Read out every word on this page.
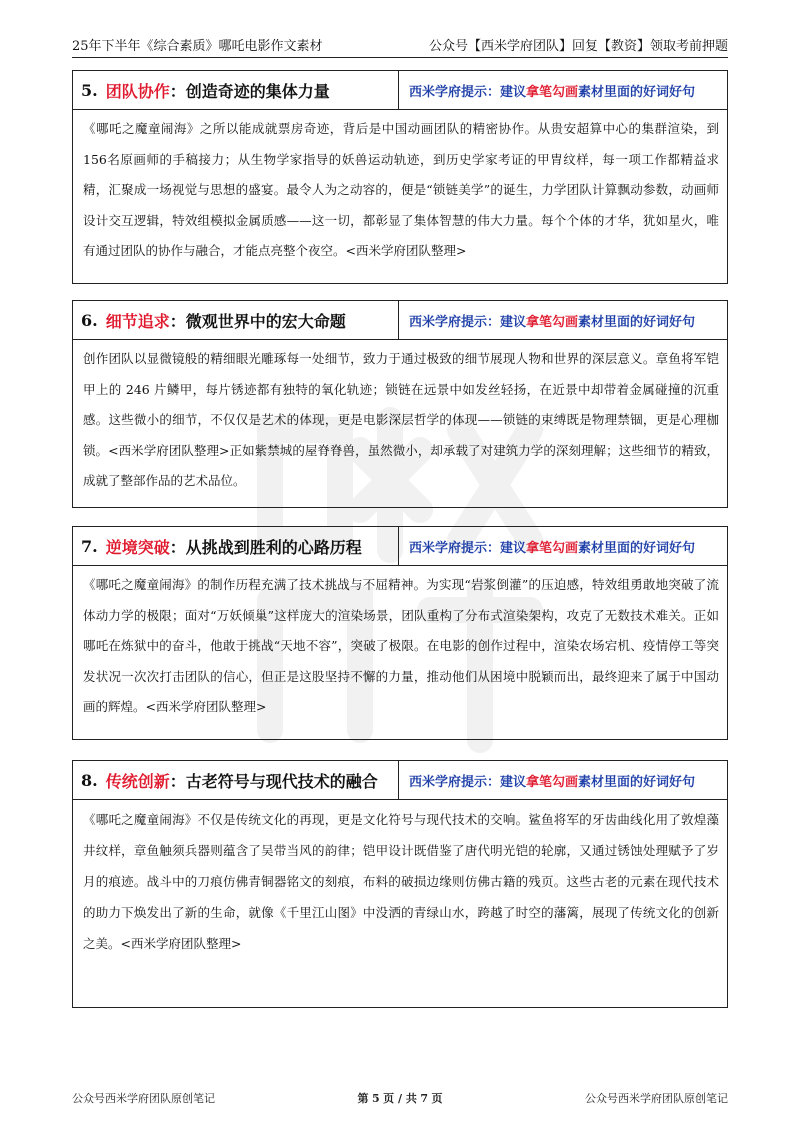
25年下半年《综合素质》哪吒电影作文素材	公众号【西米学府团队】回复【教资】领取考前押题
5. 团队协作 ：创造奇迹的集体力量	西米学府提示：建议 拿笔勾画 素材 里面的好词好句
《哪吒之魔童闹海》之所以能成就票房奇迹，背后是中国动画团队的精密协作。从贵安超算中心的集群渲染，到156名原画师的手稿接力；从生物学家指导的妖兽运动轨迹，到历史学家考证的甲胄纹样，每一项工作都精益求精，汇聚成一场视觉与思想的盛宴。最令人为之动容的，便是“锁链美学”的诞生，力学团队计算飘动参数，动画师设计交互逻辑，特效组模拟金属质感——这一切，都彰显了集体智慧的伟大力量。每个个体的才华，犹如星火，唯有通过团队的协作与融合，才能点亮整个夜空。<西米学府团队整理>
6. 细节追求 ：微观世界中的宏大命题	西米学府提示：建议 拿笔勾画 素材 里面的好词好句
创作团队以显微镜般的精细眼光雕琢每一处细节，致力于通过极致的细节展现人物和世界的深层意义。章鱼将军铠甲上的 246 片鳞甲，每片锈迹都有独特的氧化轨迹；锁链在远景中如发丝轻扬，在近景中却带着金属碰撞的沉重感。这些微小的细节，不仅仅是艺术的体现，更是电影深层哲学的体现——锁链的束缚既是物理禁锢，更是心理枷锁。<西米学府团队整理>正如紫禁城的屋脊脊兽，虽然微小，却承载了对建筑力学的深刻理解；这些细节的精致，成就了整部作品的艺术品位。
7. 逆境突破 ：从挑战到胜利的心路历程	西米学府提示：建议 拿笔勾画 素材 里面的好词好句
《哪吒之魔童闹海》的制作历程充满了技术挑战与不屈精神。为实现“岩浆倒灌”的压迫感，特效组勇敢地突破了流体动力学的极限；面对“万妖倾巢”这样庞大的渲染场景，团队重构了分布式渲染架构，攻克了无数技术难关。正如哪吒在炼狱中的奋斗，他敢于挑战“天地不容”，突破了极限。在电影的创作过程中，渲染农场宕机、疫情停工等突发状况一次次打击团队的信心，但正是这股坚持不懈的力量，推动他们从困境中脱颖而出，最终迎来了属于中国动画的辉煌。<西米学府团队整理>
8. 传统创新 ：古老符号与现代技术的融合 西米学府提示：建议 拿笔勾画 素材 里面的好词好句
《哪吒之魔童闹海》不仅是传统文化的再现，更是文化符号与现代技术的交响。鲨鱼将军的牙齿曲线化用了敦煌藻井纹样，章鱼触须兵器则蕴含了吴带当风的韵律；铠甲设计既借鉴了唐代明光铠的轮廓，又通过锈蚀处理赋予了岁月的痕迹。战斗中的刀痕仿佛青铜器铭文的刻痕，布料的破损边缘则仿佛古籍的残页。这些古老的元素在现代技术的助力下焕发出了新的生命，就像《千里江山图》中没洒的青绿山水，跨越了时空的藩篱，展现了传统文化的创新之美。<西米学府团队整理>
公众号西米学府团队原创笔记	第 5 页 / 共 7 页	公众号西米学府团队原创笔记
